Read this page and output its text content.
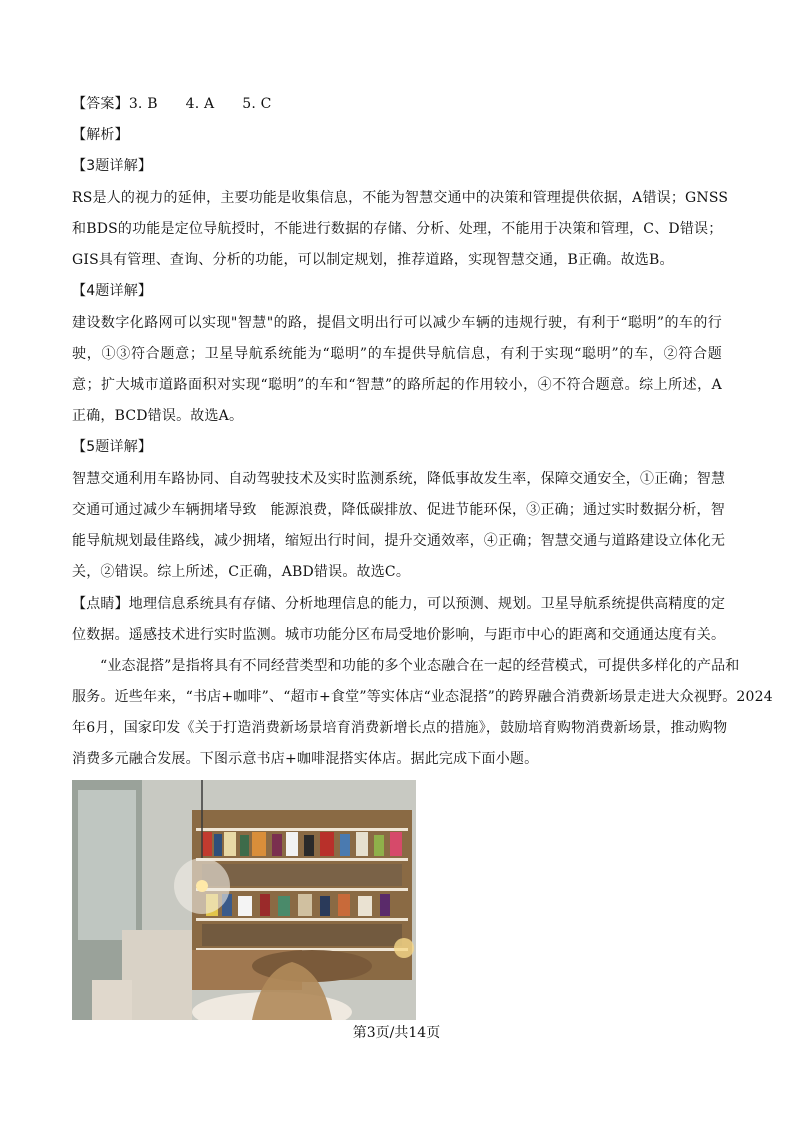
【答案】3. B      4. A      5. C
【解析】
【3题详解】
RS是人的视力的延伸，主要功能是收集信息，不能为智慧交通中的决策和管理提供依据，A错误；GNSS
和BDS的功能是定位导航授时，不能进行数据的存储、分析、处理，不能用于决策和管理，C、D错误；
GIS具有管理、查询、分析的功能，可以制定规划，推荐道路，实现智慧交通，B正确。故选B。
【4题详解】
建设数字化路网可以实现"智慧"的路，提倡文明出行可以减少车辆的违规行驶，有利于“聪明”的车的行
驶，①③符合题意；卫星导航系统能为“聪明”的车提供导航信息，有利于实现“聪明”的车，②符合题
意；扩大城市道路面积对实现“聪明”的车和“智慧”的路所起的作用较小，④不符合题意。综上所述，A
正确，BCD错误。故选A。
【5题详解】
智慧交通利用车路协同、自动驾驶技术及实时监测系统，降低事故发生率，保障交通安全，①正确；智慧
交通可通过减少车辆拥堵导致   能源浪费，降低碳排放、促进节能环保，③正确；通过实时数据分析，智
能导航规划最佳路线，减少拥堵，缩短出行时间，提升交通效率，④正确；智慧交通与道路建设立体化无
关，②错误。综上所述，C正确，ABD错误。故选C。
【点睛】地理信息系统具有存储、分析地理信息的能力，可以预测、规划。卫星导航系统提供高精度的定
位数据。遥感技术进行实时监测。城市功能分区布局受地价影响，与距市中心的距离和交通通达度有关。
“业态混搭”是指将具有不同经营类型和功能的多个业态融合在一起的经营模式，可提供多样化的产品和
服务。近些年来，“书店+咖啡”、“超市+食堂”等实体店“业态混搭”的跨界融合消费新场景走进大众视野。2024
年6月，国家印发《关于打造消费新场景培育消费新增长点的措施》，鼓励培育购物消费新场景，推动购物
消费多元融合发展。下图示意书店+咖啡混搭实体店。据此完成下面小题。
第3页/共14页
